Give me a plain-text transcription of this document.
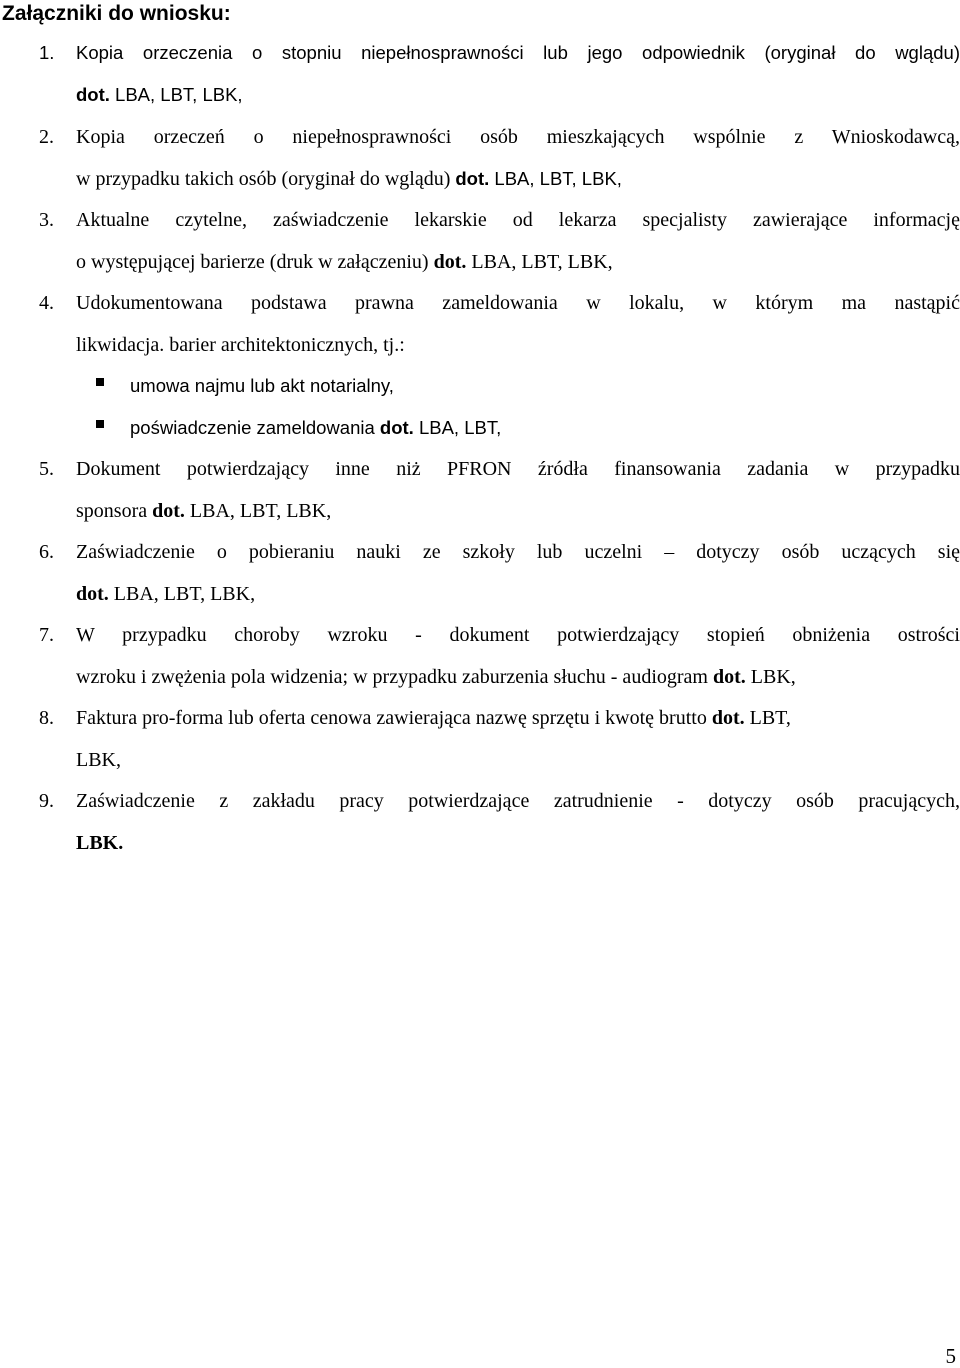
Załączniki do wniosku:
1. Kopia orzeczenia o stopniu niepełnosprawności lub jego odpowiednik (oryginał do wglądu)
dot. LBA, LBT, LBK,
2. Kopia orzeczeń o niepełnosprawności osób mieszkających wspólnie z Wnioskodawcą,
w przypadku takich osób (oryginał do wglądu) dot. LBA, LBT, LBK,
3. Aktualne czytelne, zaświadczenie lekarskie od lekarza specjalisty zawierające informację
o występującej barierze (druk w załączeniu) dot. LBA, LBT, LBK,
4. Udokumentowana podstawa prawna zameldowania w lokalu, w którym ma nastąpić
likwidacja. barier architektonicznych, tj.:
umowa najmu lub akt notarialny,
poświadczenie zameldowania dot. LBA, LBT,
5. Dokument potwierdzający inne niż PFRON źródła finansowania zadania w przypadku
sponsora dot. LBA, LBT, LBK,
6. Zaświadczenie o pobieraniu nauki ze szkoły lub uczelni – dotyczy osób uczących się
dot. LBA, LBT, LBK,
7. W przypadku choroby wzroku - dokument potwierdzający stopień obniżenia ostrości
wzroku i zwężenia pola widzenia; w przypadku zaburzenia słuchu - audiogram dot. LBK,
8. Faktura pro-forma lub oferta cenowa zawierająca nazwę sprzętu i kwotę brutto dot. LBT,
LBK,
9. Zaświadczenie z zakładu pracy potwierdzające zatrudnienie - dotyczy osób pracujących,
LBK.
5
